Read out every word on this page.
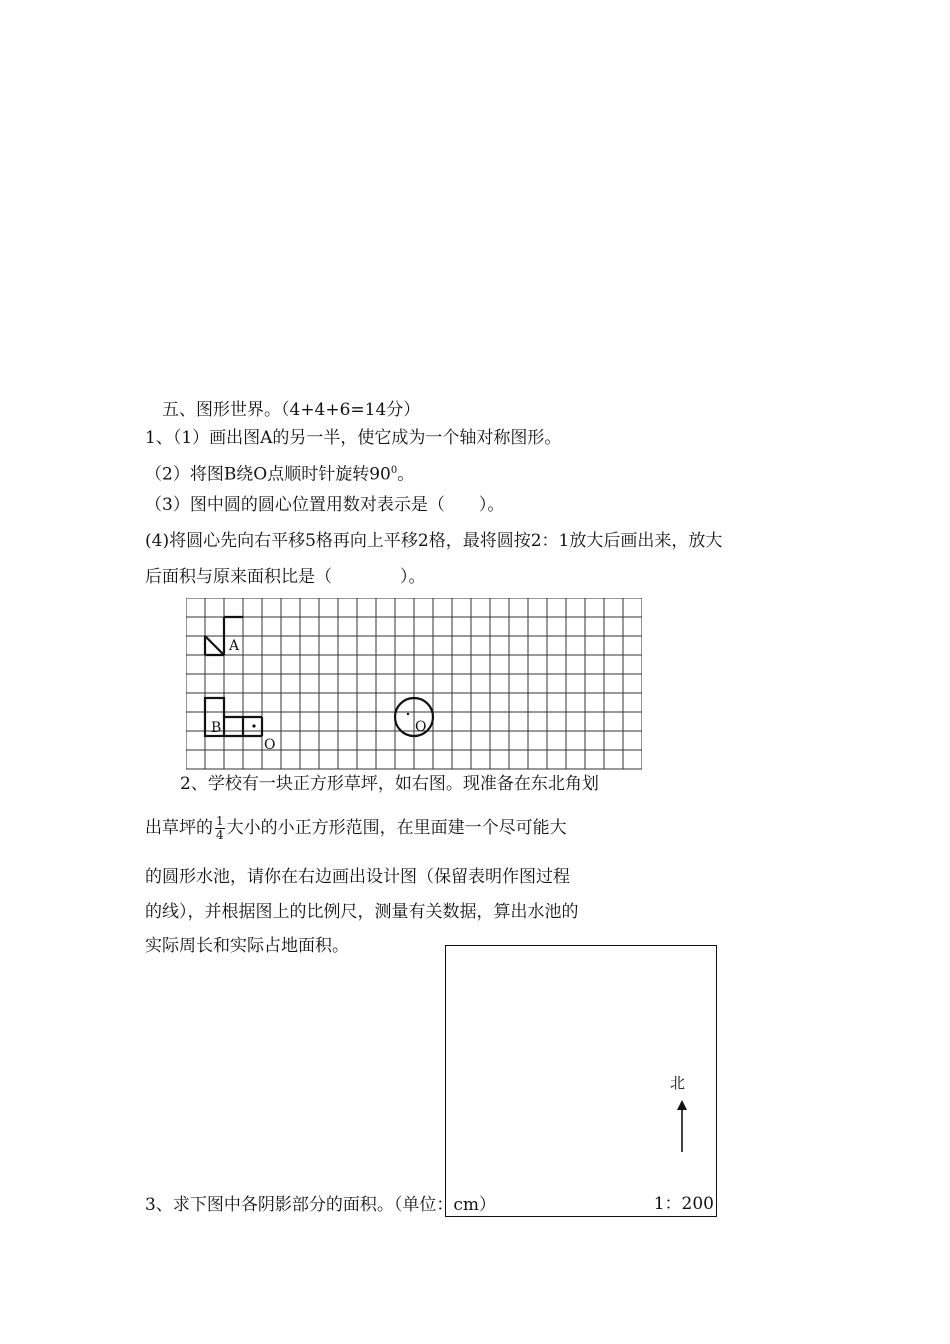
五、图形世界。（4+4+6=14分）
1、（1）画出图A的另一半，使它成为一个轴对称图形。
（2）将图B绕O点顺时针旋转$90^0$。
（3）图中圆的圆心位置用数对表示是（　　）。
(4)将圆心先向右平移5格再向上平移2格，最将圆按2：1放大后画出来，放大
后面积与原来面积比是（　　　　）。
A
B
O
O
2、学校有一块正方形草坪，如右图。现准备在东北角划
出草坪的 $\frac{1}{4}$ 大小的小正方形范围，在里面建一个尽可能大
的圆形水池，请你在右边画出设计图（保留表明作图过程
的线），并根据图上的比例尺，测量有关数据，算出水池的
实际周长和实际占地面积。
北
1：200
3、求下图中各阴影部分的面积。（单位：cm）
